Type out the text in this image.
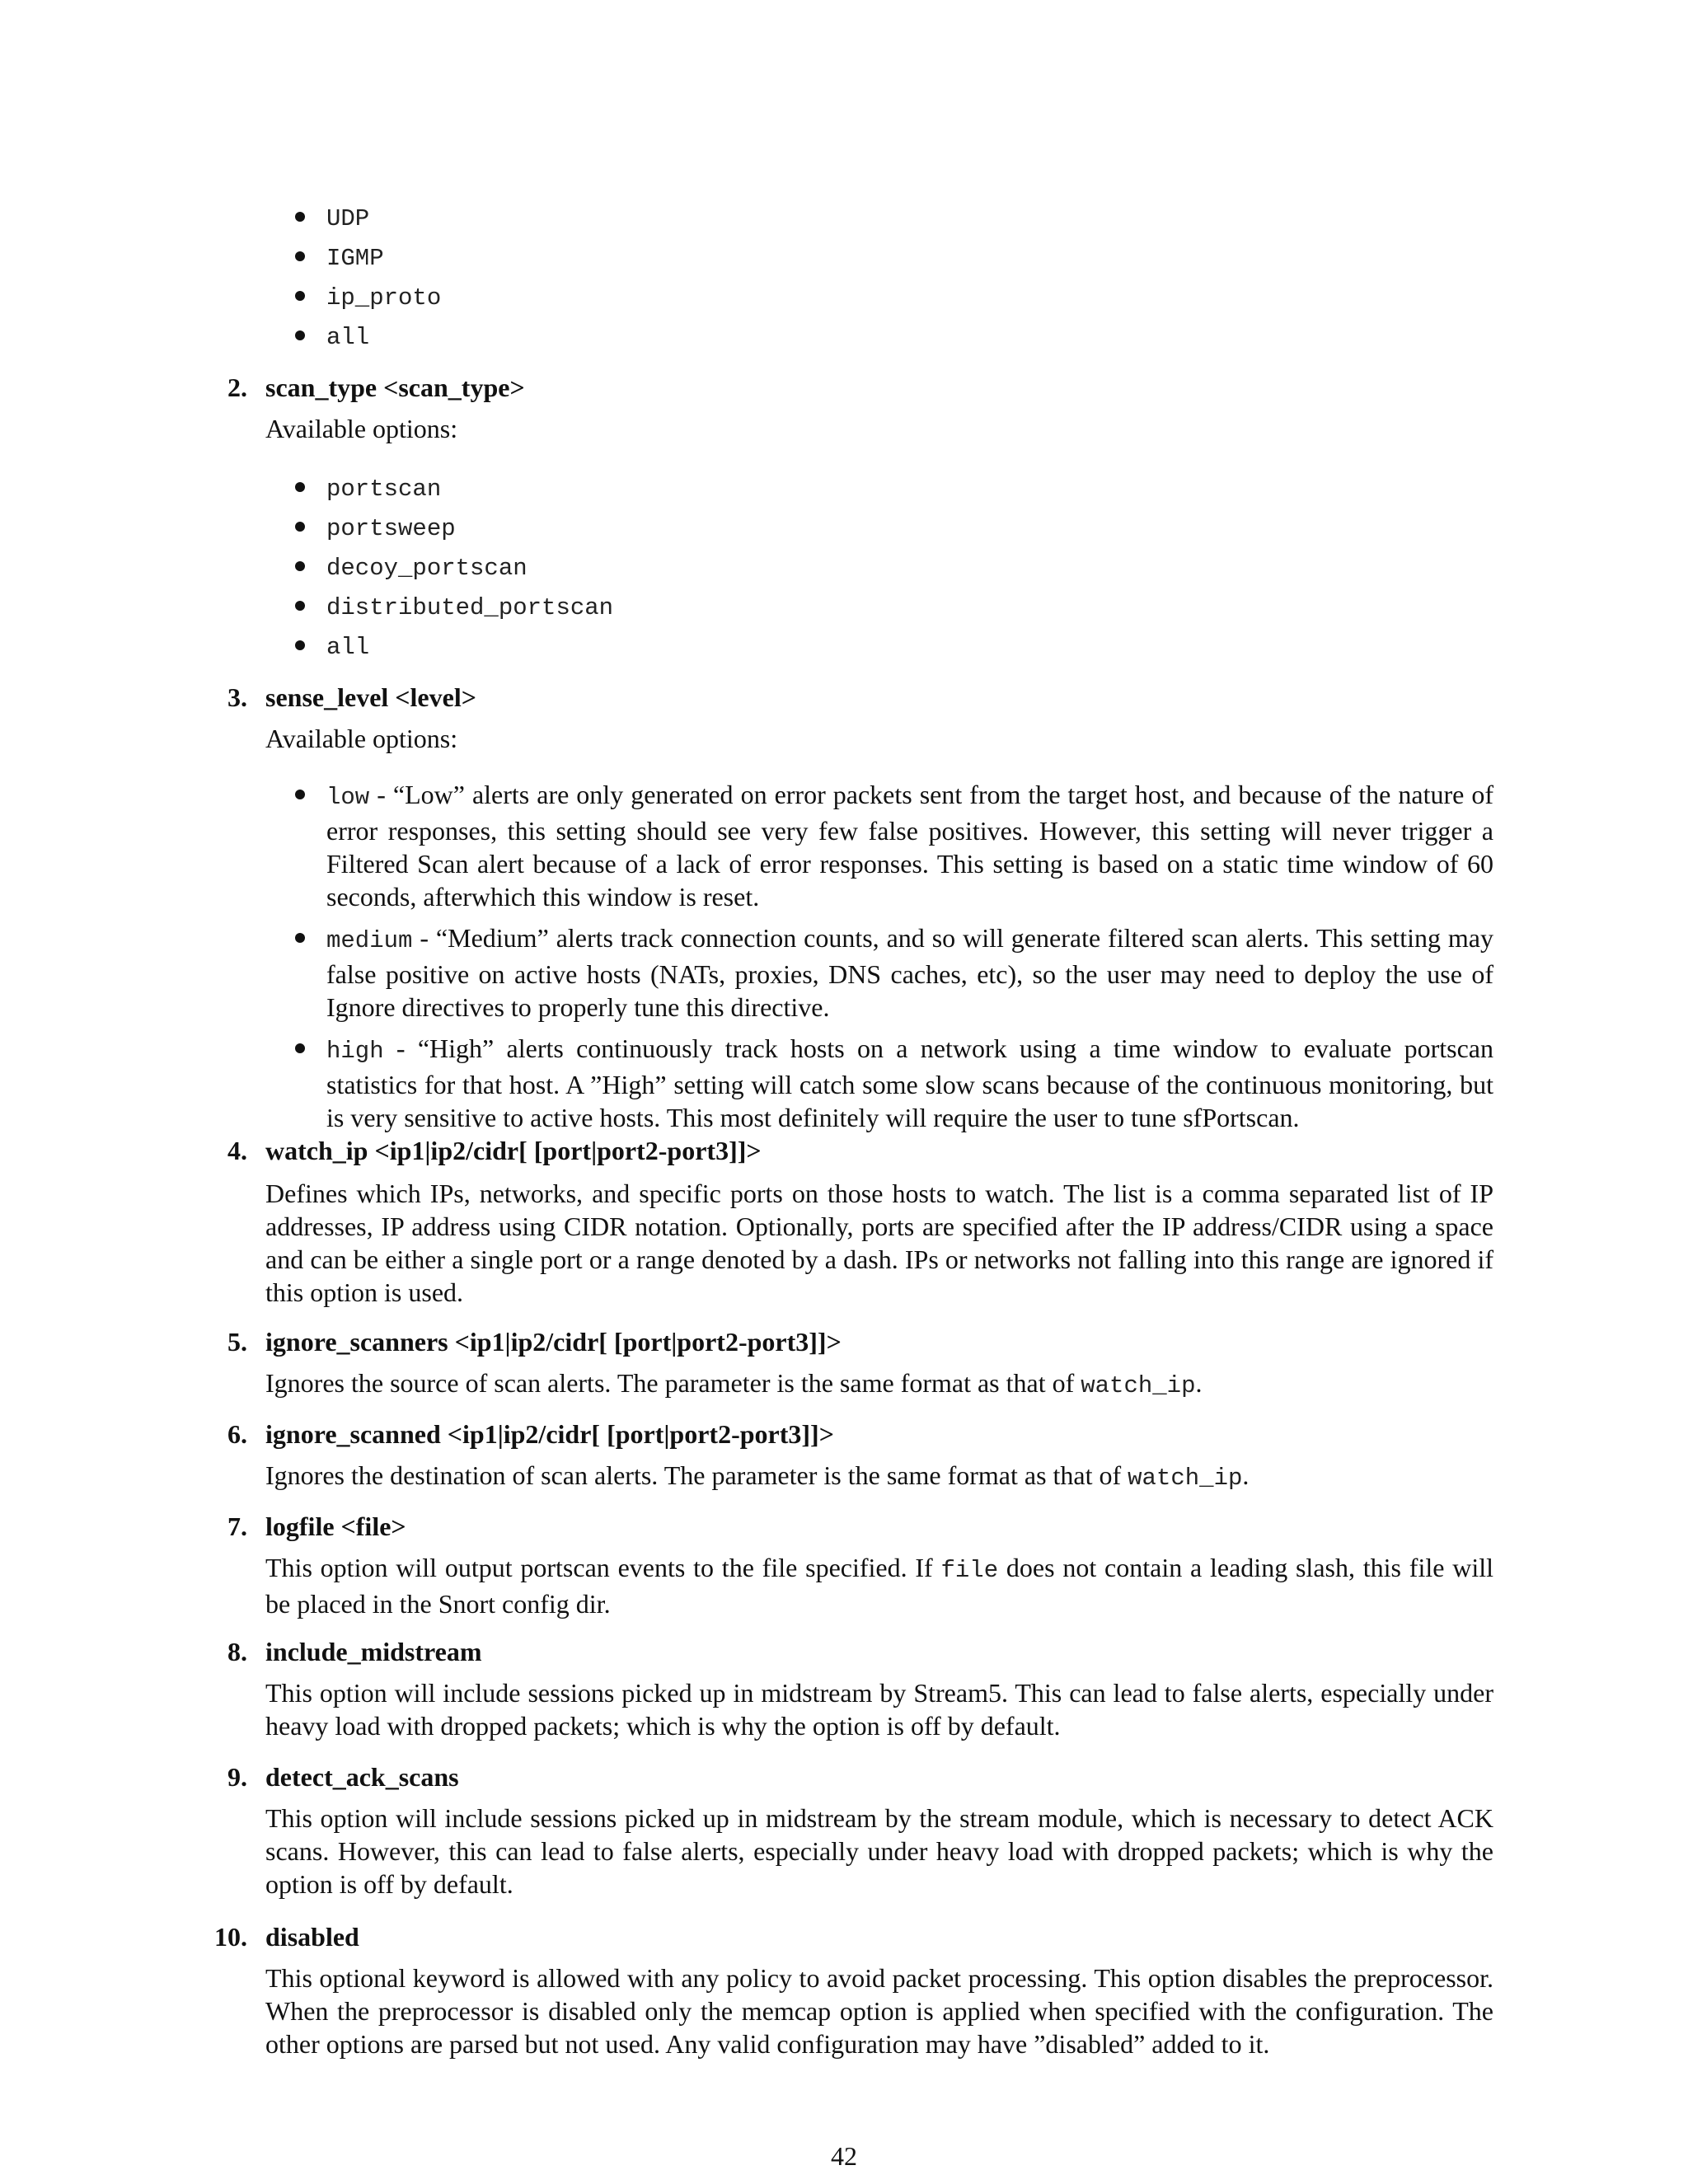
UDP
IGMP
ip_proto
all
2. scan_type <scan_type>

Available options:

portscan
portsweep
decoy_portscan
distributed_portscan
all
3. sense_level <level>

Available options:

low - “Low” alerts are only generated on error packets sent from the target host, and because of the nature of error responses, this setting should see very few false positives. However, this setting will never trigger a Filtered Scan alert because of a lack of error responses. This setting is based on a static time window of 60 seconds, afterwhich this window is reset.
medium - “Medium” alerts track connection counts, and so will generate filtered scan alerts. This setting may false positive on active hosts (NATs, proxies, DNS caches, etc), so the user may need to deploy the use of Ignore directives to properly tune this directive.
high - “High” alerts continuously track hosts on a network using a time window to evaluate portscan statistics for that host. A ”High” setting will catch some slow scans because of the continuous monitoring, but is very sensitive to active hosts. This most definitely will require the user to tune sfPortscan.
4. watch_ip <ip1|ip2/cidr[ [port|port2-port3]]>

Defines which IPs, networks, and specific ports on those hosts to watch. The list is a comma separated list of IP addresses, IP address using CIDR notation. Optionally, ports are specified after the IP address/CIDR using a space and can be either a single port or a range denoted by a dash. IPs or networks not falling into this range are ignored if this option is used.

5. ignore_scanners <ip1|ip2/cidr[ [port|port2-port3]]>

Ignores the source of scan alerts. The parameter is the same format as that of watch_ip.

6. ignore_scanned <ip1|ip2/cidr[ [port|port2-port3]]>

Ignores the destination of scan alerts. The parameter is the same format as that of watch_ip.

7. logfile <file>

This option will output portscan events to the file specified. If file does not contain a leading slash, this file will be placed in the Snort config dir.

8. include_midstream

This option will include sessions picked up in midstream by Stream5. This can lead to false alerts, especially under heavy load with dropped packets; which is why the option is off by default.

9. detect_ack_scans

This option will include sessions picked up in midstream by the stream module, which is necessary to detect ACK scans. However, this can lead to false alerts, especially under heavy load with dropped packets; which is why the option is off by default.

10. disabled

This optional keyword is allowed with any policy to avoid packet processing. This option disables the preprocessor. When the preprocessor is disabled only the memcap option is applied when specified with the configuration. The other options are parsed but not used. Any valid configuration may have ”disabled” added to it.

42
